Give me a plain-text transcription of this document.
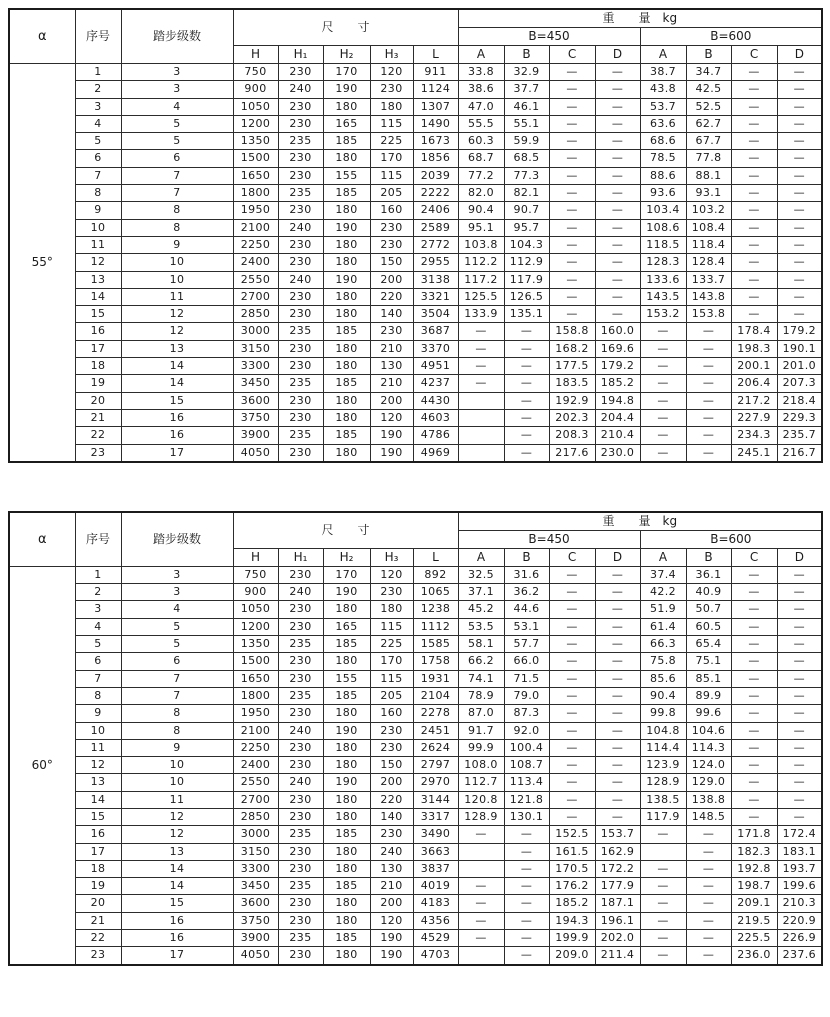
α	序号	踏步级数	尺　　寸					重　　量　kg							
								B=450				B=600			
			H	H₁	H₂	H₃	L	A	B	C	D	A	B	C	D
55°	1	3	750	230	170	120	911	33.8	32.9	—	—	38.7	34.7	—	—
	2	3	900	240	190	230	1124	38.6	37.7	—	—	43.8	42.5	—	—
	3	4	1050	230	180	180	1307	47.0	46.1	—	—	53.7	52.5	—	—
	4	5	1200	230	165	115	1490	55.5	55.1	—	—	63.6	62.7	—	—
	5	5	1350	235	185	225	1673	60.3	59.9	—	—	68.6	67.7	—	—
	6	6	1500	230	180	170	1856	68.7	68.5	—	—	78.5	77.8	—	—
	7	7	1650	230	155	115	2039	77.2	77.3	—	—	88.6	88.1	—	—
	8	7	1800	235	185	205	2222	82.0	82.1	—	—	93.6	93.1	—	—
	9	8	1950	230	180	160	2406	90.4	90.7	—	—	103.4	103.2	—	—
	10	8	2100	240	190	230	2589	95.1	95.7	—	—	108.6	108.4	—	—
	11	9	2250	230	180	230	2772	103.8	104.3	—	—	118.5	118.4	—	—
	12	10	2400	230	180	150	2955	112.2	112.9	—	—	128.3	128.4	—	—
	13	10	2550	240	190	200	3138	117.2	117.9	—	—	133.6	133.7	—	—
	14	11	2700	230	180	220	3321	125.5	126.5	—	—	143.5	143.8	—	—
	15	12	2850	230	180	140	3504	133.9	135.1	—	—	153.2	153.8	—	—
	16	12	3000	235	185	230	3687	—	—	158.8	160.0	—	—	178.4	179.2
	17	13	3150	230	180	210	3370	—	—	168.2	169.6	—	—	198.3	190.1
	18	14	3300	230	180	130	4951	—	—	177.5	179.2	—	—	200.1	201.0
	19	14	3450	235	185	210	4237	—	—	183.5	185.2	—	—	206.4	207.3
	20	15	3600	230	180	200	4430		—	192.9	194.8	—	—	217.2	218.4
	21	16	3750	230	180	120	4603		—	202.3	204.4	—	—	227.9	229.3
	22	16	3900	235	185	190	4786		—	208.3	210.4	—	—	234.3	235.7
	23	17	4050	230	180	190	4969		—	217.6	230.0	—	—	245.1	216.7
α	序号	踏步级数	尺　　寸					重　　量　kg							
								B=450				B=600			
			H	H₁	H₂	H₃	L	A	B	C	D	A	B	C	D
60°	1	3	750	230	170	120	892	32.5	31.6	—	—	37.4	36.1	—	—
	2	3	900	240	190	230	1065	37.1	36.2	—	—	42.2	40.9	—	—
	3	4	1050	230	180	180	1238	45.2	44.6	—	—	51.9	50.7	—	—
	4	5	1200	230	165	115	1112	53.5	53.1	—	—	61.4	60.5	—	—
	5	5	1350	235	185	225	1585	58.1	57.7	—	—	66.3	65.4	—	—
	6	6	1500	230	180	170	1758	66.2	66.0	—	—	75.8	75.1	—	—
	7	7	1650	230	155	115	1931	74.1	71.5	—	—	85.6	85.1	—	—
	8	7	1800	235	185	205	2104	78.9	79.0	—	—	90.4	89.9	—	—
	9	8	1950	230	180	160	2278	87.0	87.3	—	—	99.8	99.6	—	—
	10	8	2100	240	190	230	2451	91.7	92.0	—	—	104.8	104.6	—	—
	11	9	2250	230	180	230	2624	99.9	100.4	—	—	114.4	114.3	—	—
	12	10	2400	230	180	150	2797	108.0	108.7	—	—	123.9	124.0	—	—
	13	10	2550	240	190	200	2970	112.7	113.4	—	—	128.9	129.0	—	—
	14	11	2700	230	180	220	3144	120.8	121.8	—	—	138.5	138.8	—	—
	15	12	2850	230	180	140	3317	128.9	130.1	—	—	117.9	148.5	—	—
	16	12	3000	235	185	230	3490	—	—	152.5	153.7	—	—	171.8	172.4
	17	13	3150	230	180	240	3663		—	161.5	162.9		—	182.3	183.1
	18	14	3300	230	180	130	3837		—	170.5	172.2	—	—	192.8	193.7
	19	14	3450	235	185	210	4019	—	—	176.2	177.9	—	—	198.7	199.6
	20	15	3600	230	180	200	4183	—	—	185.2	187.1	—	—	209.1	210.3
	21	16	3750	230	180	120	4356	—	—	194.3	196.1	—	—	219.5	220.9
	22	16	3900	235	185	190	4529	—	—	199.9	202.0	—	—	225.5	226.9
	23	17	4050	230	180	190	4703		—	209.0	211.4	—	—	236.0	237.6
